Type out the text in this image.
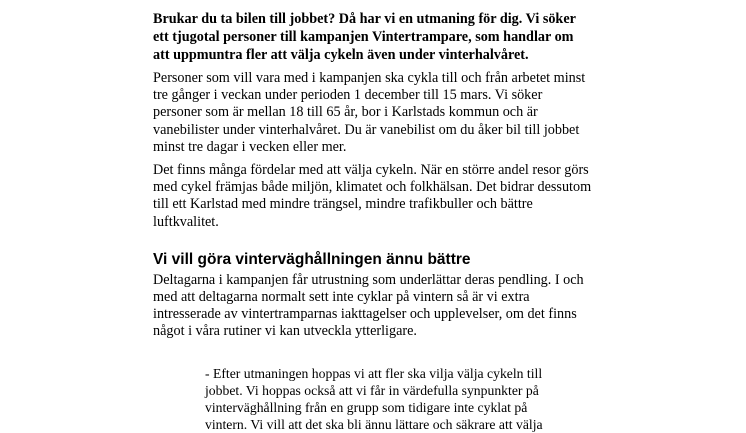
Brukar du ta bilen till jobbet? Då har vi en utmaning för dig. Vi söker
ett tjugotal personer till kampanjen Vintertrampare, som handlar om
att uppmuntra fler att välja cykeln även under vinterhalvåret.

Personer som vill vara med i kampanjen ska cykla till och från arbetet minst
tre gånger i veckan under perioden 1 december till 15 mars. Vi söker
personer som är mellan 18 till 65 år, bor i Karlstads kommun och är
vanebilister under vinterhalvåret. Du är vanebilist om du åker bil till jobbet
minst tre dagar i vecken eller mer.

Det finns många fördelar med att välja cykeln. När en större andel resor görs
med cykel främjas både miljön, klimatet och folkhälsan. Det bidrar dessutom
till ett Karlstad med mindre trängsel, mindre trafikbuller och bättre
luftkvalitet.

Vi vill göra vinterväghållningen ännu bättre

Deltagarna i kampanjen får utrustning som underlättar deras pendling. I och
med att deltagarna normalt sett inte cyklar på vintern så är vi extra
intresserade av vintertramparnas iakttagelser och upplevelser, om det finns
något i våra rutiner vi kan utveckla ytterligare.

- Efter utmaningen hoppas vi att fler ska vilja välja cykeln till
jobbet. Vi hoppas också att vi får in värdefulla synpunkter på
vinterväghållning från en grupp som tidigare inte cyklat på
vintern. Vi vill att det ska bli ännu lättare och säkrare att välja
